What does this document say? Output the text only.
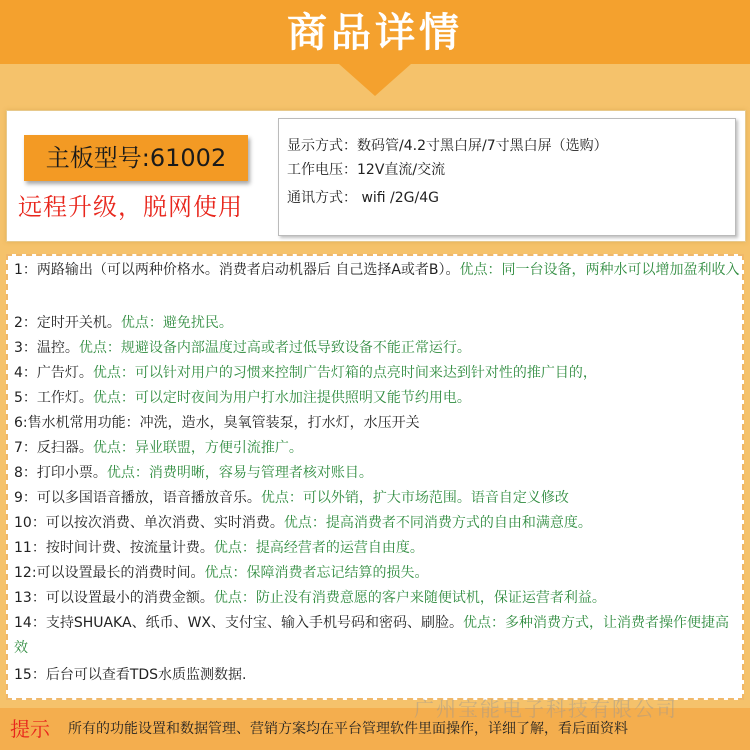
商品详情
主板型号:61002
远程升级，脱网使用
显示方式：数码管/4.2寸黑白屏/7寸黑白屏（选购）
工作电压：12V直流/交流
通讯方式： wifi /2G/4G
1：两路输出（可以两种价格水。消费者启动机器后 自己选择A或者B）。优点：同一台设备，两种水可以增加盈利收入
2：定时开关机。优点：避免扰民。
3：温控。优点：规避设备内部温度过高或者过低导致设备不能正常运行。
4：广告灯。优点：可以针对用户的习惯来控制广告灯箱的点亮时间来达到针对性的推广目的，
5：工作灯。优点：可以定时夜间为用户打水加注提供照明又能节约用电。
6:售水机常用功能：冲洗，造水，臭氧管装泵，打水灯，水压开关
7：反扫器。优点：异业联盟，方便引流推广。
8：打印小票。优点：消费明晰，容易与管理者核对账目。
9：可以多国语音播放，语音播放音乐。优点：可以外销，扩大市场范围。语音自定义修改
10：可以按次消费、单次消费、实时消费。优点：提高消费者不同消费方式的自由和满意度。
11：按时间计费、按流量计费。优点：提高经营者的运营自由度。
12:可以设置最长的消费时间。优点：保障消费者忘记结算的损失。
13：可以设置最小的消费金额。优点：防止没有消费意愿的客户来随便试机，保证运营者利益。
14：支持SHUAKA、纸币、WX、支付宝、输入手机号码和密码、刷脸。优点：多种消费方式，让消费者操作便捷高效
15：后台可以查看TDS水质监测数据.
提示	所有的功能设置和数据管理、营销方案均在平台管理软件里面操作，详细了解，看后面资料
广州宝能电子科技有限公司
